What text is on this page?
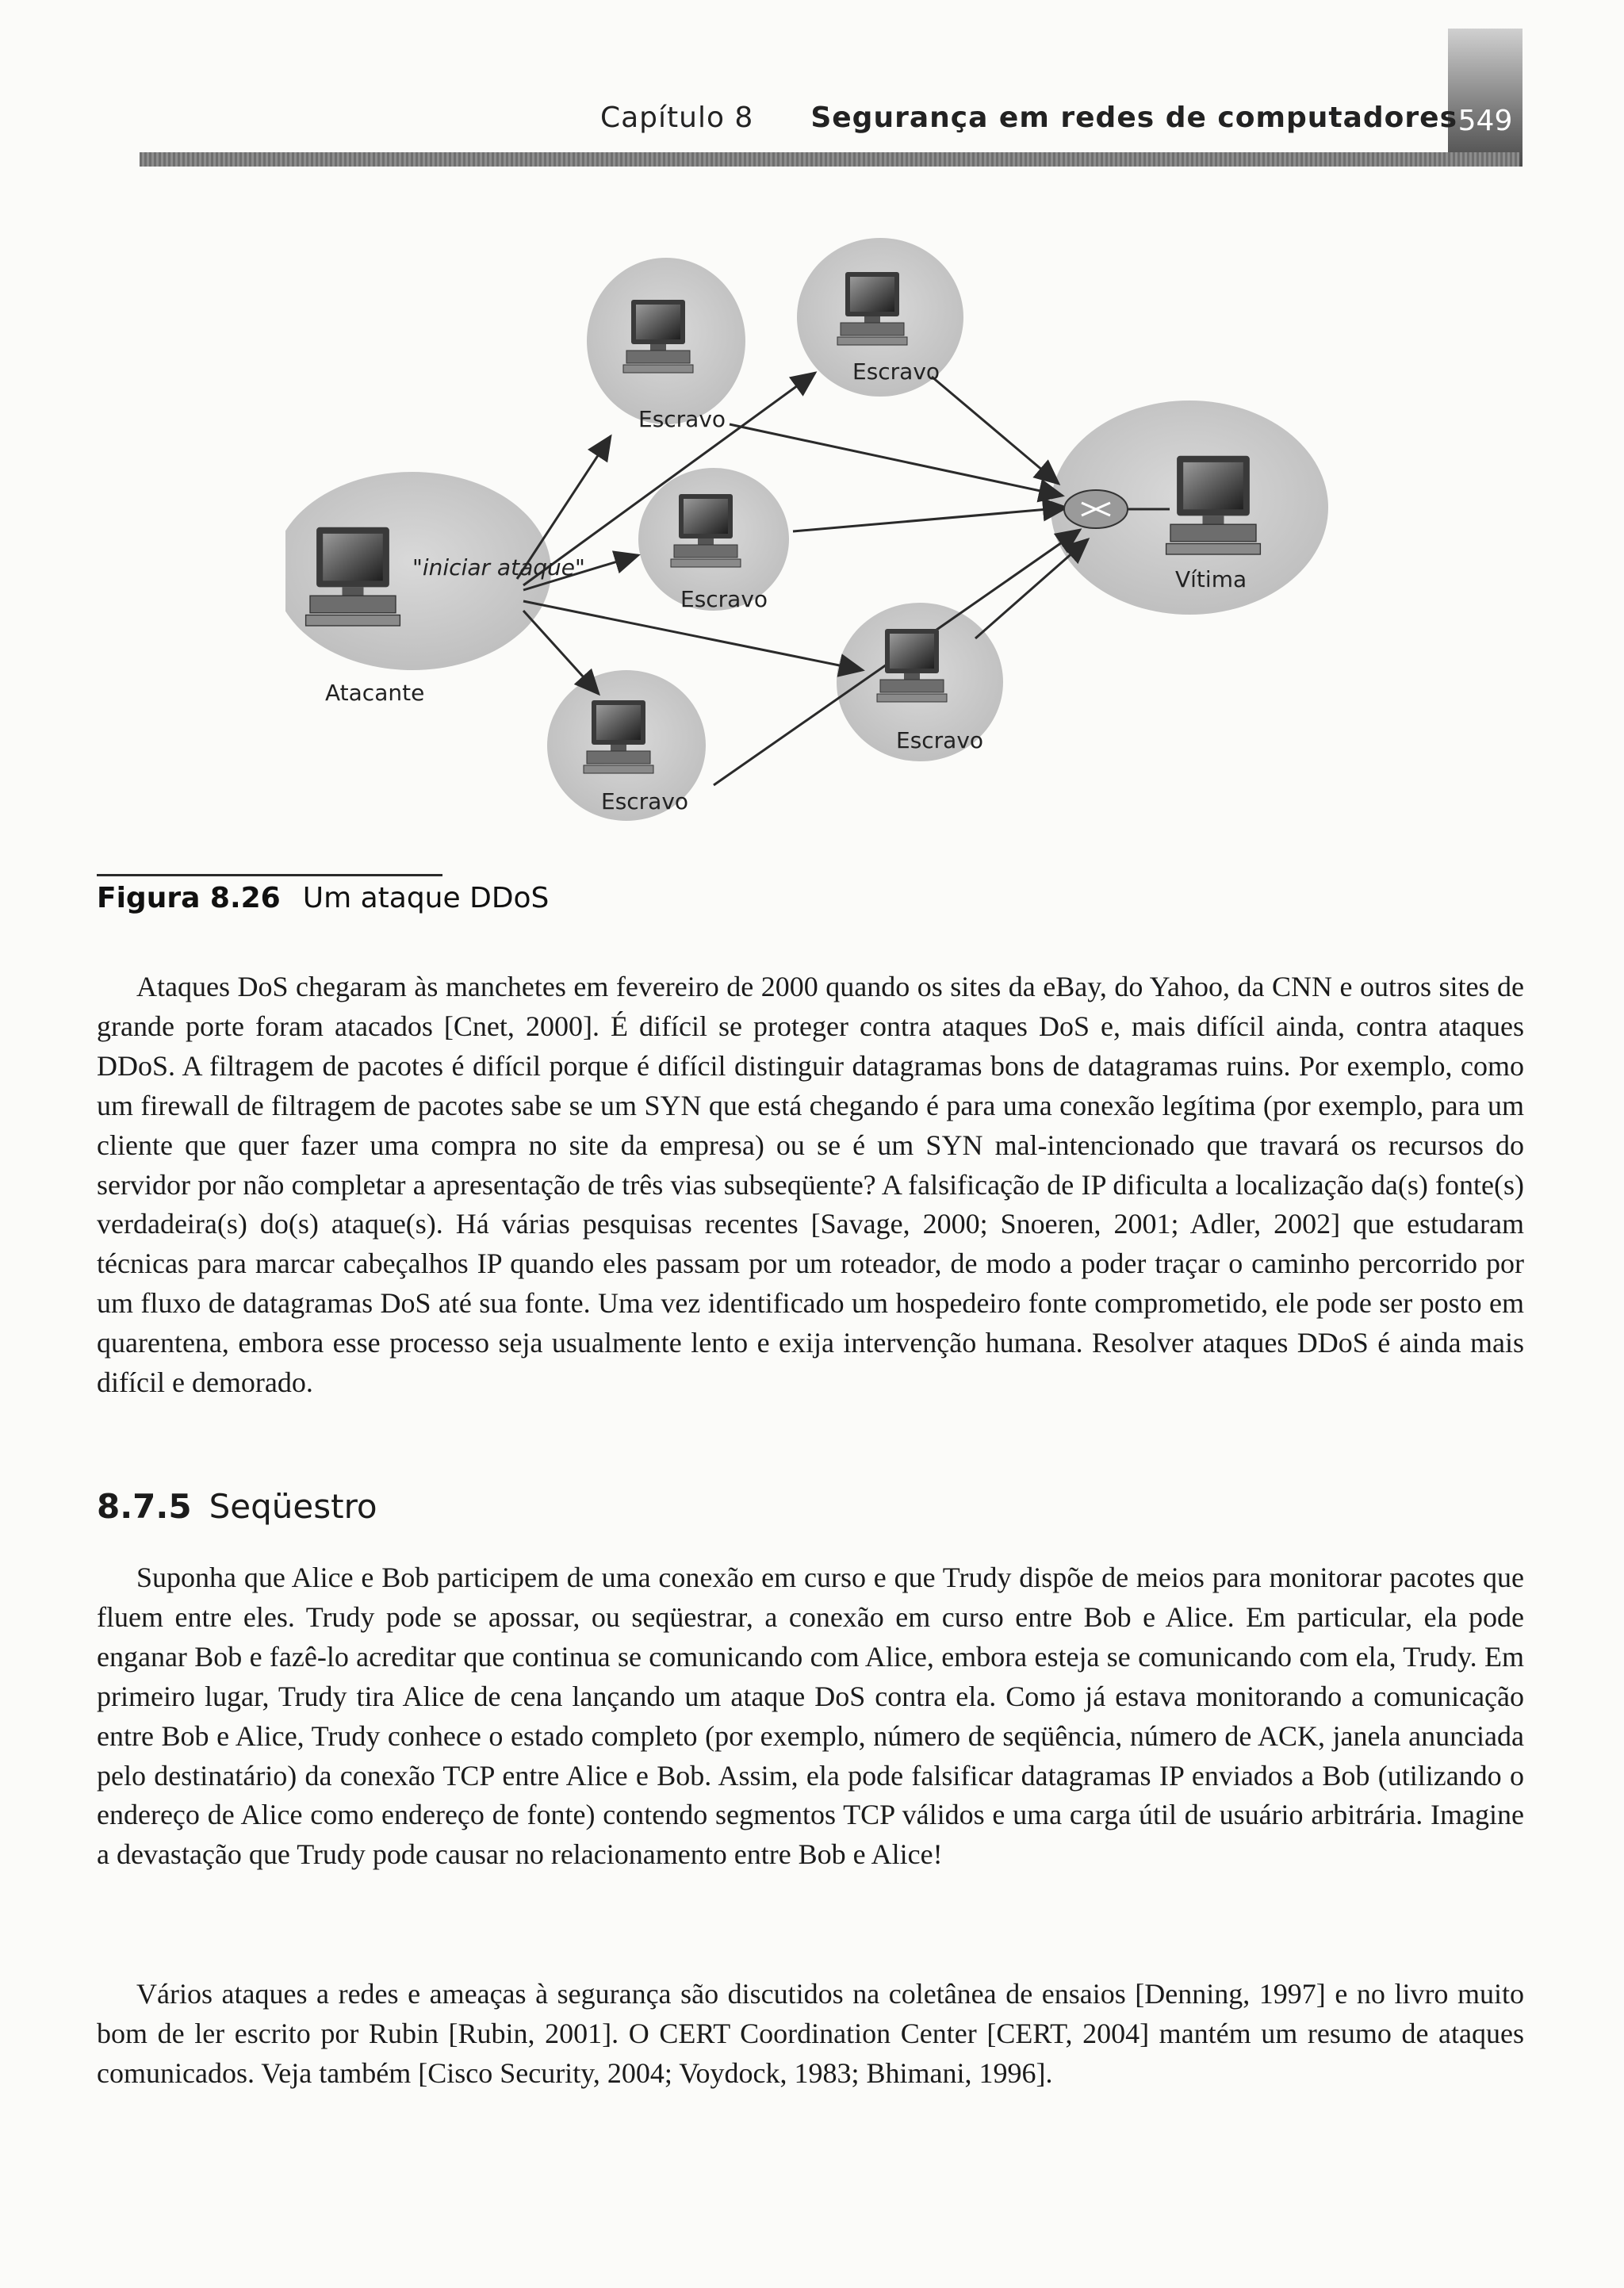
549
Capítulo 8 Segurança em redes de computadores
Atacante
"iniciar ataque"
Escravo
Escravo
Escravo
Escravo
Escravo
Vítima
Figura 8.26 Um ataque DDoS

Ataques DoS chegaram às manchetes em fevereiro de 2000 quando os sites da eBay, do Yahoo, da CNN e outros sites de grande porte foram atacados [Cnet, 2000]. É difícil se proteger contra ataques DoS e, mais difícil ainda, contra ataques DDoS. A filtragem de pacotes é difícil porque é difícil distinguir datagramas bons de datagramas ruins. Por exemplo, como um firewall de filtragem de pacotes sabe se um SYN que está chegando é para uma conexão legítima (por exemplo, para um cliente que quer fazer uma compra no site da empresa) ou se é um SYN mal-intencionado que travará os recursos do servidor por não completar a apresentação de três vias subseqüente? A falsificação de IP dificulta a localização da(s) fonte(s) verdadeira(s) do(s) ataque(s). Há várias pesquisas recentes [Savage, 2000; Snoeren, 2001; Adler, 2002] que estudaram técnicas para marcar cabeçalhos IP quando eles passam por um roteador, de modo a poder traçar o caminho percorrido por um fluxo de datagramas DoS até sua fonte. Uma vez identificado um hospedeiro fonte comprometido, ele pode ser posto em quarentena, embora esse processo seja usualmente lento e exija intervenção humana. Resolver ataques DDoS é ainda mais difícil e demorado.

8.7.5 Seqüestro

Suponha que Alice e Bob participem de uma conexão em curso e que Trudy dispõe de meios para monitorar pacotes que fluem entre eles. Trudy pode se apossar, ou seqüestrar, a conexão em curso entre Bob e Alice. Em particular, ela pode enganar Bob e fazê-lo acreditar que continua se comunicando com Alice, embora esteja se comunicando com ela, Trudy. Em primeiro lugar, Trudy tira Alice de cena lançando um ataque DoS contra ela. Como já estava monitorando a comunicação entre Bob e Alice, Trudy conhece o estado completo (por exemplo, número de seqüência, número de ACK, janela anunciada pelo destinatário) da conexão TCP entre Alice e Bob. Assim, ela pode falsificar datagramas IP enviados a Bob (utilizando o endereço de Alice como endereço de fonte) contendo segmentos TCP válidos e uma carga útil de usuário arbitrária. Imagine a devastação que Trudy pode causar no relacionamento entre Bob e Alice!

Vários ataques a redes e ameaças à segurança são discutidos na coletânea de ensaios [Denning, 1997] e no livro muito bom de ler escrito por Rubin [Rubin, 2001]. O CERT Coordination Center [CERT, 2004] mantém um resumo de ataques comunicados. Veja também [Cisco Security, 2004; Voydock, 1983; Bhimani, 1996].
